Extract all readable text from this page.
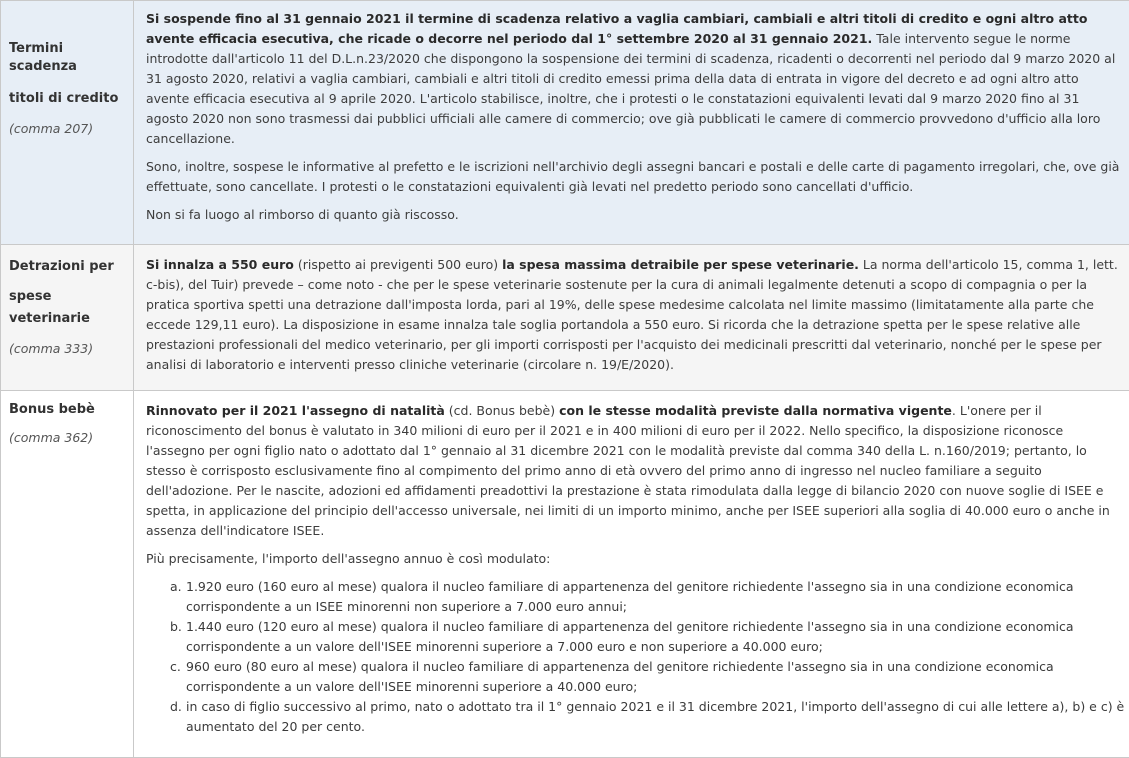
Termini
scadenza
titoli di credito
(comma 207)

Si sospende fino al 31 gennaio 2021 il termine di scadenza relativo a vaglia cambiari, cambiali e altri titoli di credito e ogni altro atto avente efficacia esecutiva, che ricade o decorre nel periodo dal 1° settembre 2020 al 31 gennaio 2021. Tale intervento segue le norme introdotte dall'articolo 11 del D.L.n.23/2020 che dispongono la sospensione dei termini di scadenza, ricadenti o decorrenti nel periodo dal 9 marzo 2020 al 31 agosto 2020, relativi a vaglia cambiari, cambiali e altri titoli di credito emessi prima della data di entrata in vigore del decreto e ad ogni altro atto avente efficacia esecutiva al 9 aprile 2020. L'articolo stabilisce, inoltre, che i protesti o le constatazioni equivalenti levati dal 9 marzo 2020 fino al 31 agosto 2020 non sono trasmessi dai pubblici ufficiali alle camere di commercio; ove già pubblicati le camere di commercio provvedono d'ufficio alla loro cancellazione.

Sono, inoltre, sospese le informative al prefetto e le iscrizioni nell'archivio degli assegni bancari e postali e delle carte di pagamento irregolari, che, ove già effettuate, sono cancellate. I protesti o le constatazioni equivalenti già levati nel predetto periodo sono cancellati d'ufficio.

Non si fa luogo al rimborso di quanto già riscosso.

Detrazioni per
spese
veterinarie
(comma 333)

Si innalza a 550 euro (rispetto ai previgenti 500 euro) la spesa massima detraibile per spese veterinarie. La norma dell'articolo 15, comma 1, lett. c-bis), del Tuir) prevede – come noto - che per le spese veterinarie sostenute per la cura di animali legalmente detenuti a scopo di compagnia o per la pratica sportiva spetti una detrazione dall'imposta lorda, pari al 19%, delle spese medesime calcolata nel limite massimo (limitatamente alla parte che eccede 129,11 euro). La disposizione in esame innalza tale soglia portandola a 550 euro. Si ricorda che la detrazione spetta per le spese relative alle prestazioni professionali del medico veterinario, per gli importi corrisposti per l'acquisto dei medicinali prescritti dal veterinario, nonché per le spese per analisi di laboratorio e interventi presso cliniche veterinarie (circolare n. 19/E/2020).

Bonus bebè
(comma 362)

Rinnovato per il 2021 l'assegno di natalità (cd. Bonus bebè) con le stesse modalità previste dalla normativa vigente. L'onere per il riconoscimento del bonus è valutato in 340 milioni di euro per il 2021 e in 400 milioni di euro per il 2022. Nello specifico, la disposizione riconosce l'assegno per ogni figlio nato o adottato dal 1° gennaio al 31 dicembre 2021 con le modalità previste dal comma 340 della L. n.160/2019; pertanto, lo stesso è corrisposto esclusivamente fino al compimento del primo anno di età ovvero del primo anno di ingresso nel nucleo familiare a seguito dell'adozione. Per le nascite, adozioni ed affidamenti preadottivi la prestazione è stata rimodulata dalla legge di bilancio 2020 con nuove soglie di ISEE e spetta, in applicazione del principio dell'accesso universale, nei limiti di un importo minimo, anche per ISEE superiori alla soglia di 40.000 euro o anche in assenza dell'indicatore ISEE.

Più precisamente, l'importo dell'assegno annuo è così modulato:

a. 1.920 euro (160 euro al mese) qualora il nucleo familiare di appartenenza del genitore richiedente l'assegno sia in una condizione economica corrispondente a un ISEE minorenni non superiore a 7.000 euro annui;
b. 1.440 euro (120 euro al mese) qualora il nucleo familiare di appartenenza del genitore richiedente l'assegno sia in una condizione economica corrispondente a un valore dell'ISEE minorenni superiore a 7.000 euro e non superiore a 40.000 euro;
c. 960 euro (80 euro al mese) qualora il nucleo familiare di appartenenza del genitore richiedente l'assegno sia in una condizione economica corrispondente a un valore dell'ISEE minorenni superiore a 40.000 euro;
d. in caso di figlio successivo al primo, nato o adottato tra il 1° gennaio 2021 e il 31 dicembre 2021, l'importo dell'assegno di cui alle lettere a), b) e c) è aumentato del 20 per cento.
